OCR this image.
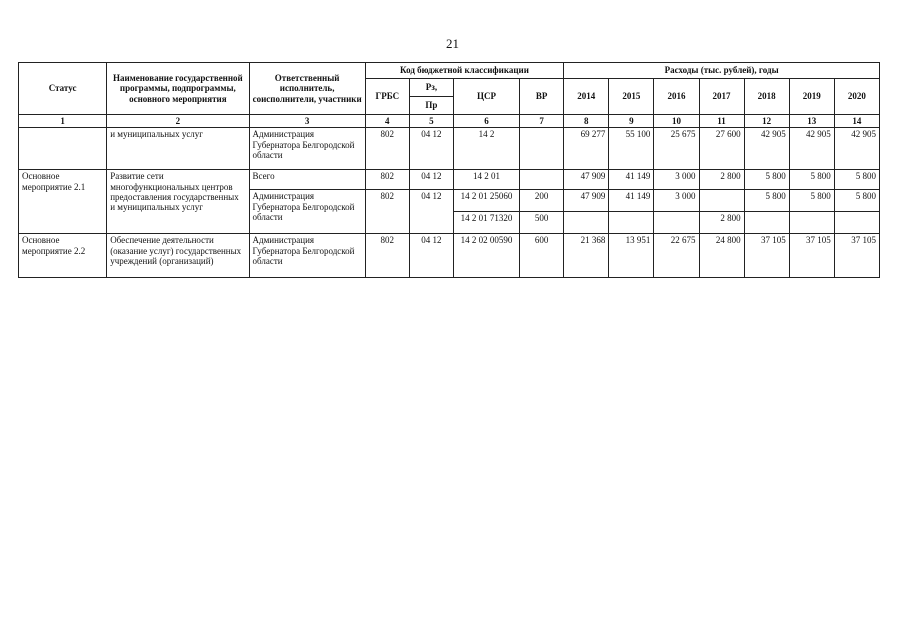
21
Статус	Наименование государственной программы, подпрограммы, основного мероприятия	Ответственный исполнитель, соисполнители, участники	Код бюджетной классификации				Расходы (тыс. рублей), годы						
			ГРБС	Рз,	ЦСР	ВР	2014	2015	2016	2017	2018	2019	2020
				Пр									
1	2	3	4	5	6	7	8	9	10	11	12	13	14
	и муниципальных услуг	Администрация Губернатора Белгородской области	802	04 12	14 2		69 277	55 100	25 675	27 600	42 905	42 905	42 905
Основное мероприятие 2.1	Развитие сети многофункциональных центров предоставления государственных и муниципальных услуг	Всего	802	04 12	14 2 01		47 909	41 149	3 000	2 800	5 800	5 800	5 800
		Администрация Губернатора Белгородской области	802	04 12	14 2 01 25060	200	47 909	41 149	3 000		5 800	5 800	5 800
					14 2 01 71320	500				2 800			
Основное мероприятие 2.2	Обеспечение деятельности (оказание услуг) государственных учреждений (организаций)	Администрация Губернатора Белгородской области	802	04 12	14 2 02 00590	600	21 368	13 951	22 675	24 800	37 105	37 105	37 105
